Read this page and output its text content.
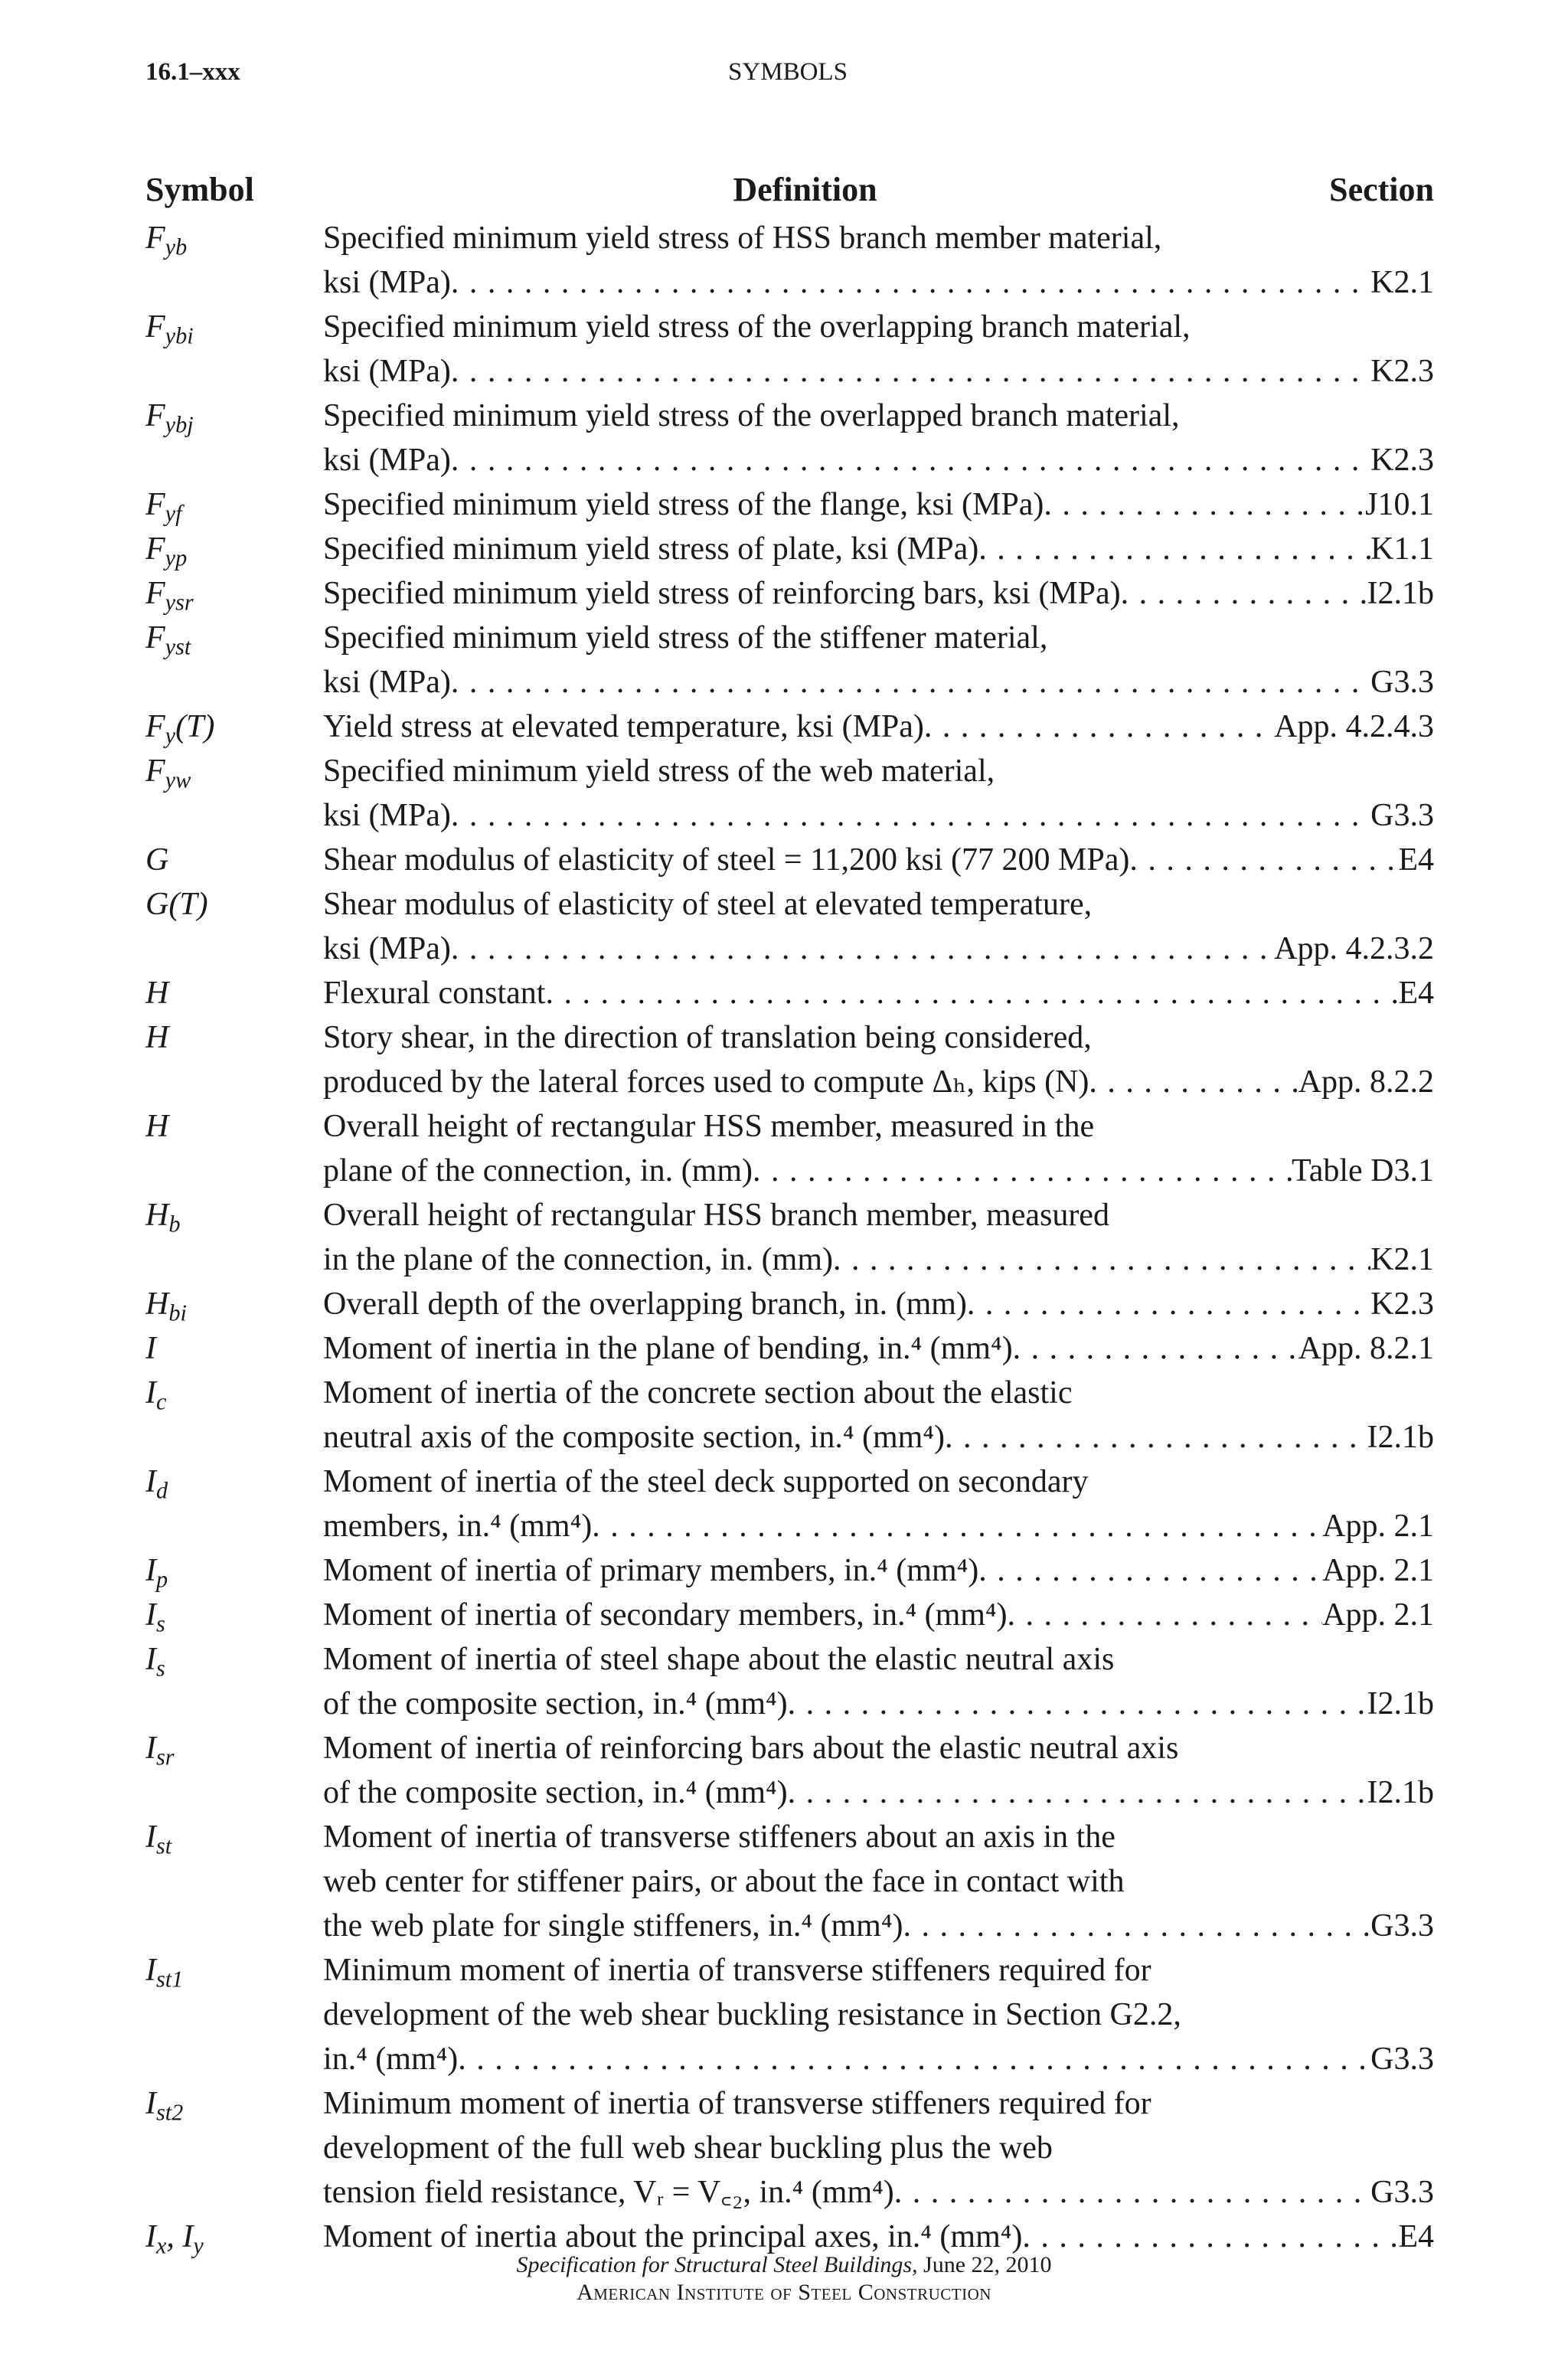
16.1–xxx	SYMBOLS
Symbol	Definition	Section
$F_{yb}$	Specified minimum yield stress of HSS branch member material,
ksi (MPa) . . .	K2.1
$F_{ybi}$	Specified minimum yield stress of the overlapping branch material,
ksi (MPa) . . .	K2.3
$F_{ybj}$	Specified minimum yield stress of the overlapped branch material,
ksi (MPa) . . .	K2.3
$F_{yf}$	Specified minimum yield stress of the flange, ksi (MPa) . . .	J10.1
$F_{yp}$	Specified minimum yield stress of plate, ksi (MPa) . . .	K1.1
$F_{ysr}$	Specified minimum yield stress of reinforcing bars, ksi (MPa) . . .	I2.1b
$F_{yst}$	Specified minimum yield stress of the stiffener material,
ksi (MPa) . . .	G3.3
$F_y(T)$	Yield stress at elevated temperature, ksi (MPa) . . .	App. 4.2.4.3
$F_{yw}$	Specified minimum yield stress of the web material,
ksi (MPa) . . .	G3.3
G	Shear modulus of elasticity of steel = 11,200 ksi (77 200 MPa) . . .	E4
G(T)	Shear modulus of elasticity of steel at elevated temperature,
ksi (MPa) . . .	App. 4.2.3.2
H	Flexural constant . . .	E4
H	Story shear, in the direction of translation being considered,
produced by the lateral forces used to compute Δₕ, kips (N) . . .	App. 8.2.2
H	Overall height of rectangular HSS member, measured in the
plane of the connection, in. (mm) . . .	Table D3.1
$H_b$	Overall height of rectangular HSS branch member, measured
in the plane of the connection, in. (mm) . . .	K2.1
$H_{bi}$	Overall depth of the overlapping branch, in. (mm) . . .	K2.3
I	Moment of inertia in the plane of bending, in.⁴ (mm⁴) . . .	App. 8.2.1
$I_c$	Moment of inertia of the concrete section about the elastic
neutral axis of the composite section, in.⁴ (mm⁴) . . .	I2.1b
$I_d$	Moment of inertia of the steel deck supported on secondary
members, in.⁴ (mm⁴) . . .	App. 2.1
$I_p$	Moment of inertia of primary members, in.⁴ (mm⁴) . . .	App. 2.1
$I_s$	Moment of inertia of secondary members, in.⁴ (mm⁴) . . .	App. 2.1
$I_s$	Moment of inertia of steel shape about the elastic neutral axis
of the composite section, in.⁴ (mm⁴) . . .	I2.1b
$I_{sr}$	Moment of inertia of reinforcing bars about the elastic neutral axis
of the composite section, in.⁴ (mm⁴) . . .	I2.1b
$I_{st}$	Moment of inertia of transverse stiffeners about an axis in the
web center for stiffener pairs, or about the face in contact with
the web plate for single stiffeners, in.⁴ (mm⁴) . . .	G3.3
$I_{st1}$	Minimum moment of inertia of transverse stiffeners required for
development of the web shear buckling resistance in Section G2.2,
in.⁴ (mm⁴) . . .	G3.3
$I_{st2}$	Minimum moment of inertia of transverse stiffeners required for
development of the full web shear buckling plus the web
tension field resistance, Vᵣ = V꜀₂, in.⁴ (mm⁴) . . .	G3.3
$I_x$, $I_y$	Moment of inertia about the principal axes, in.⁴ (mm⁴) . . .	E4
Specification for Structural Steel Buildings, June 22, 2010
American Institute of Steel Construction
